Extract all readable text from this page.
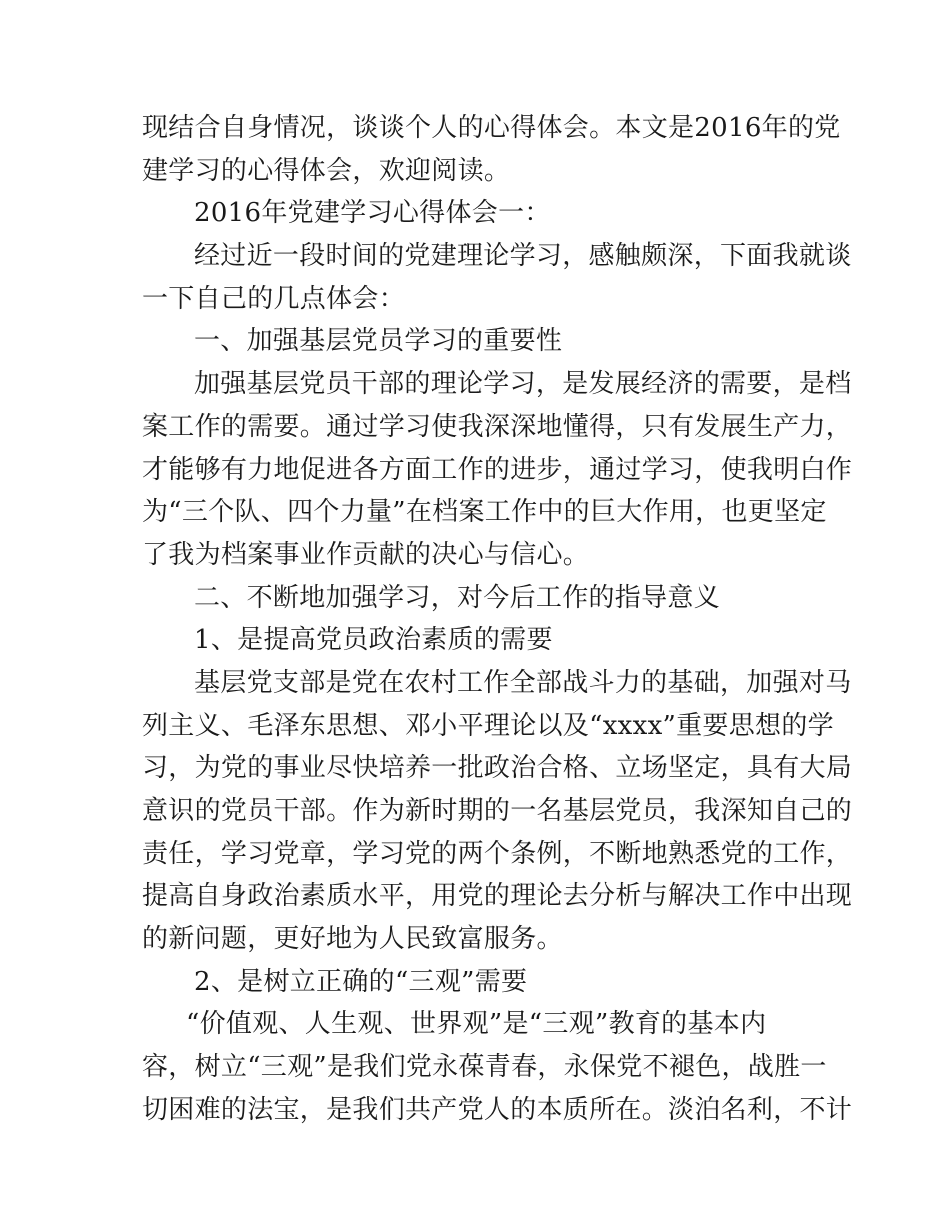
现结合自身情况，谈谈个人的心得体会。本文是2016年的党
建学习的心得体会，欢迎阅读。
2016年党建学习心得体会一：
经过近一段时间的党建理论学习，感触颇深，下面我就谈
一下自己的几点体会：
一、加强基层党员学习的重要性
加强基层党员干部的理论学习，是发展经济的需要，是档
案工作的需要。通过学习使我深深地懂得，只有发展生产力，
才能够有力地促进各方面工作的进步，通过学习，使我明白作
为“三个队、四个力量”在档案工作中的巨大作用，也更坚定
了我为档案事业作贡献的决心与信心。
二、不断地加强学习，对今后工作的指导意义
1、是提高党员政治素质的需要
基层党支部是党在农村工作全部战斗力的基础，加强对马
列主义、毛泽东思想、邓小平理论以及“xxxx”重要思想的学
习，为党的事业尽快培养一批政治合格、立场坚定，具有大局
意识的党员干部。作为新时期的一名基层党员，我深知自己的
责任，学习党章，学习党的两个条例，不断地熟悉党的工作，
提高自身政治素质水平，用党的理论去分析与解决工作中出现
的新问题，更好地为人民致富服务。
2、是树立正确的“三观”需要
“价值观、人生观、世界观”是“三观”教育的基本内
容，树立“三观”是我们党永葆青春，永保党不褪色，战胜一
切困难的法宝，是我们共产党人的本质所在。淡泊名利，不计
